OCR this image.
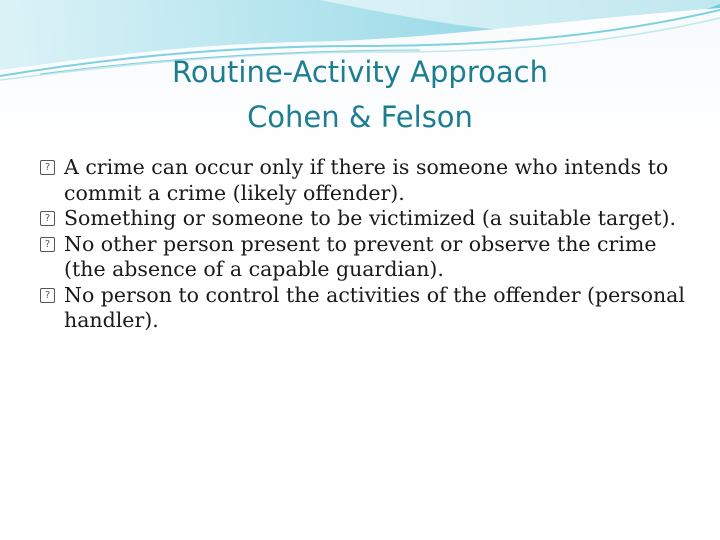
Routine-Activity Approach
Cohen & Felson
? A crime can occur only if there is someone who intends to commit a crime (likely offender).
? Something or someone to be victimized (a suitable target).
? No other person present to prevent or observe the crime (the absence of a capable guardian).
? No person to control the activities of the offender (personal handler).
